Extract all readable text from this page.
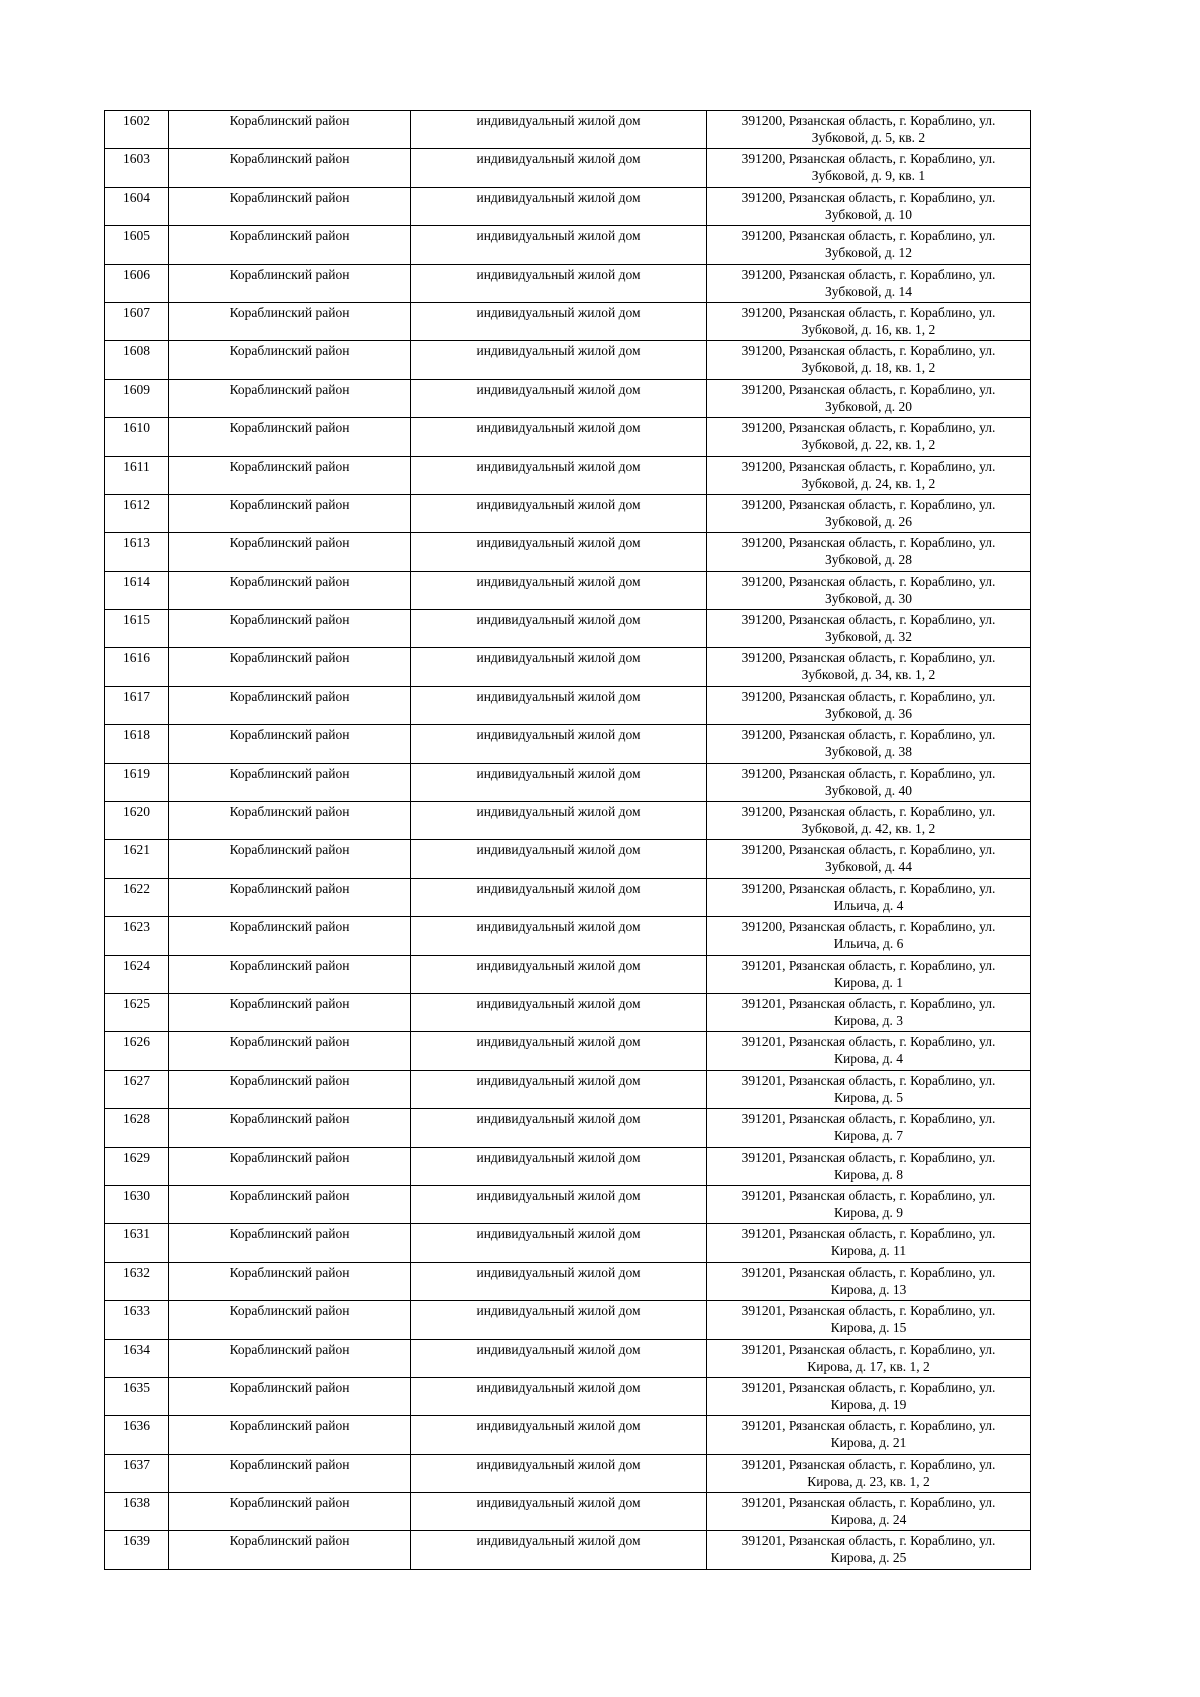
1602	Кораблинский район	индивидуальный жилой дом	391200, Рязанская область, г. Кораблино, ул. Зубковой, д. 5, кв. 2
1603	Кораблинский район	индивидуальный жилой дом	391200, Рязанская область, г. Кораблино, ул. Зубковой, д. 9, кв. 1
1604	Кораблинский район	индивидуальный жилой дом	391200, Рязанская область, г. Кораблино, ул. Зубковой, д. 10
1605	Кораблинский район	индивидуальный жилой дом	391200, Рязанская область, г. Кораблино, ул. Зубковой, д. 12
1606	Кораблинский район	индивидуальный жилой дом	391200, Рязанская область, г. Кораблино, ул. Зубковой, д. 14
1607	Кораблинский район	индивидуальный жилой дом	391200, Рязанская область, г. Кораблино, ул. Зубковой, д. 16, кв. 1, 2
1608	Кораблинский район	индивидуальный жилой дом	391200, Рязанская область, г. Кораблино, ул. Зубковой, д. 18, кв. 1, 2
1609	Кораблинский район	индивидуальный жилой дом	391200, Рязанская область, г. Кораблино, ул. Зубковой, д. 20
1610	Кораблинский район	индивидуальный жилой дом	391200, Рязанская область, г. Кораблино, ул. Зубковой, д. 22, кв. 1, 2
1611	Кораблинский район	индивидуальный жилой дом	391200, Рязанская область, г. Кораблино, ул. Зубковой, д. 24, кв. 1, 2
1612	Кораблинский район	индивидуальный жилой дом	391200, Рязанская область, г. Кораблино, ул. Зубковой, д. 26
1613	Кораблинский район	индивидуальный жилой дом	391200, Рязанская область, г. Кораблино, ул. Зубковой, д. 28
1614	Кораблинский район	индивидуальный жилой дом	391200, Рязанская область, г. Кораблино, ул. Зубковой, д. 30
1615	Кораблинский район	индивидуальный жилой дом	391200, Рязанская область, г. Кораблино, ул. Зубковой, д. 32
1616	Кораблинский район	индивидуальный жилой дом	391200, Рязанская область, г. Кораблино, ул. Зубковой, д. 34, кв. 1, 2
1617	Кораблинский район	индивидуальный жилой дом	391200, Рязанская область, г. Кораблино, ул. Зубковой, д. 36
1618	Кораблинский район	индивидуальный жилой дом	391200, Рязанская область, г. Кораблино, ул. Зубковой, д. 38
1619	Кораблинский район	индивидуальный жилой дом	391200, Рязанская область, г. Кораблино, ул. Зубковой, д. 40
1620	Кораблинский район	индивидуальный жилой дом	391200, Рязанская область, г. Кораблино, ул. Зубковой, д. 42, кв. 1, 2
1621	Кораблинский район	индивидуальный жилой дом	391200, Рязанская область, г. Кораблино, ул. Зубковой, д. 44
1622	Кораблинский район	индивидуальный жилой дом	391200, Рязанская область, г. Кораблино, ул. Ильича, д. 4
1623	Кораблинский район	индивидуальный жилой дом	391200, Рязанская область, г. Кораблино, ул. Ильича, д. 6
1624	Кораблинский район	индивидуальный жилой дом	391201, Рязанская область, г. Кораблино, ул. Кирова, д. 1
1625	Кораблинский район	индивидуальный жилой дом	391201, Рязанская область, г. Кораблино, ул. Кирова, д. 3
1626	Кораблинский район	индивидуальный жилой дом	391201, Рязанская область, г. Кораблино, ул. Кирова, д. 4
1627	Кораблинский район	индивидуальный жилой дом	391201, Рязанская область, г. Кораблино, ул. Кирова, д. 5
1628	Кораблинский район	индивидуальный жилой дом	391201, Рязанская область, г. Кораблино, ул. Кирова, д. 7
1629	Кораблинский район	индивидуальный жилой дом	391201, Рязанская область, г. Кораблино, ул. Кирова, д. 8
1630	Кораблинский район	индивидуальный жилой дом	391201, Рязанская область, г. Кораблино, ул. Кирова, д. 9
1631	Кораблинский район	индивидуальный жилой дом	391201, Рязанская область, г. Кораблино, ул. Кирова, д. 11
1632	Кораблинский район	индивидуальный жилой дом	391201, Рязанская область, г. Кораблино, ул. Кирова, д. 13
1633	Кораблинский район	индивидуальный жилой дом	391201, Рязанская область, г. Кораблино, ул. Кирова, д. 15
1634	Кораблинский район	индивидуальный жилой дом	391201, Рязанская область, г. Кораблино, ул. Кирова, д. 17, кв. 1, 2
1635	Кораблинский район	индивидуальный жилой дом	391201, Рязанская область, г. Кораблино, ул. Кирова, д. 19
1636	Кораблинский район	индивидуальный жилой дом	391201, Рязанская область, г. Кораблино, ул. Кирова, д. 21
1637	Кораблинский район	индивидуальный жилой дом	391201, Рязанская область, г. Кораблино, ул. Кирова, д. 23, кв. 1, 2
1638	Кораблинский район	индивидуальный жилой дом	391201, Рязанская область, г. Кораблино, ул. Кирова, д. 24
1639	Кораблинский район	индивидуальный жилой дом	391201, Рязанская область, г. Кораблино, ул. Кирова, д. 25
